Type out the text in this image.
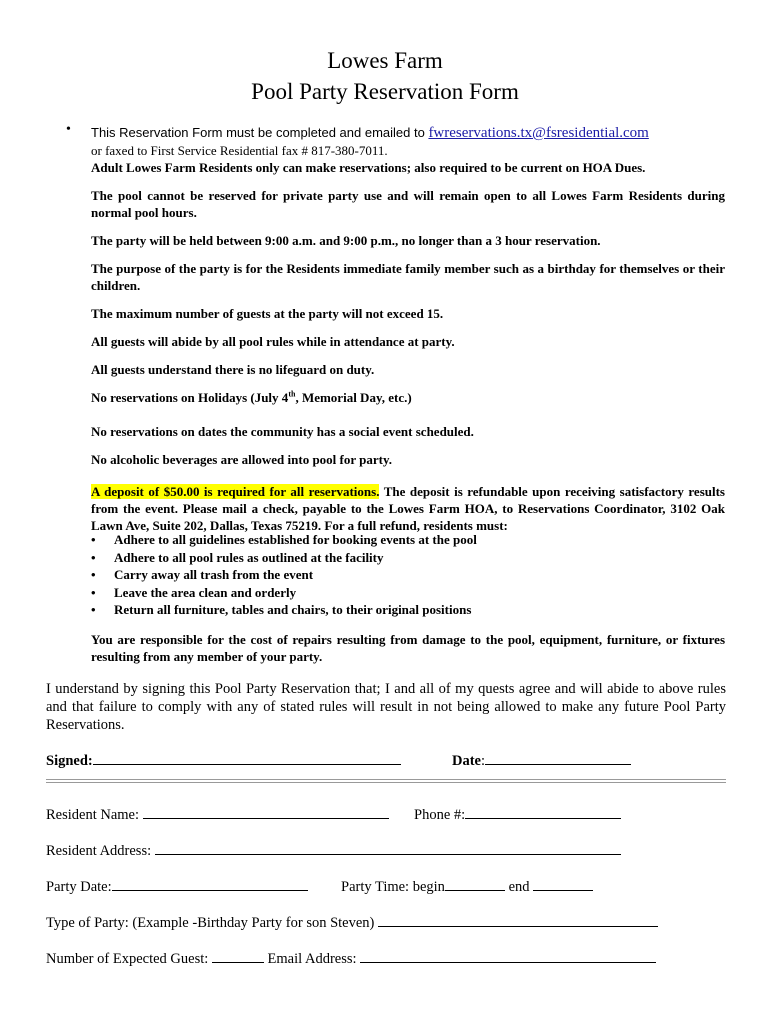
Lowes Farm
Pool Party Reservation Form
• This Reservation Form must be completed and emailed to fwreservations.tx@fsresidential.com
or faxed to First Service Residential fax # 817-380-7011.
Adult Lowes Farm Residents only can make reservations; also required to be current on HOA Dues.
The pool cannot be reserved for private party use and will remain open to all Lowes Farm Residents during normal pool hours.
The party will be held between 9:00 a.m. and 9:00 p.m., no longer than a 3 hour reservation.
The purpose of the party is for the Residents immediate family member such as a birthday for themselves or their children.
The maximum number of guests at the party will not exceed 15.
All guests will abide by all pool rules while in attendance at party.
All guests understand there is no lifeguard on duty.
No reservations on Holidays (July 4th, Memorial Day, etc.)
No reservations on dates the community has a social event scheduled.
No alcoholic beverages are allowed into pool for party.
A deposit of $50.00 is required for all reservations. The deposit is refundable upon receiving satisfactory results from the event. Please mail a check, payable to the Lowes Farm HOA, to Reservations Coordinator, 3102 Oak Lawn Ave, Suite 202, Dallas, Texas 75219. For a full refund, residents must:
• Adhere to all guidelines established for booking events at the pool
• Adhere to all pool rules as outlined at the facility
• Carry away all trash from the event
• Leave the area clean and orderly
• Return all furniture, tables and chairs, to their original positions
You are responsible for the cost of repairs resulting from damage to the pool, equipment, furniture, or fixtures resulting from any member of your party.
I understand by signing this Pool Party Reservation that; I and all of my quests agree and will abide to above rules and that failure to comply with any of stated rules will result in not being allowed to make any future Pool Party Reservations.
Signed:	Date:
Resident Name:	Phone #:
Resident Address:
Party Date:	Party Time: begin	end
Type of Party: (Example -Birthday Party for son Steven)
Number of Expected Guest:	Email Address:
